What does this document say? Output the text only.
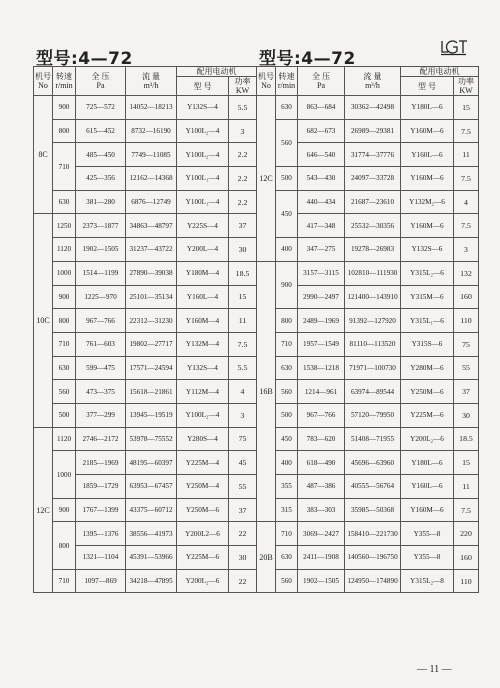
型号:4—72	型号:4—72
机号
No	转速
r/min	全 压
Pa	流 量
m³/h	配用电动机	
				型 号	功率
KW
8C	900	725—572	14052—18213	Y132S—4	5.5
	800	615—452	8732—16190	Y100L₂—4	3
	710	485—450	7749—11085	Y100L₂—4	2.2
		425—356	12162—14368	Y100L₁—4	2.2
	630	381—280	6876—12749	Y100L₁—4	2.2
10C	1250	2373—1877	34863—48797	Y225S—4	37
	1120	1902—1505	31237—43722	Y200L—4	30
	1000	1514—1199	27890—39038	Y180M—4	18.5
	900	1225—970	25101—35134	Y160L—4	15
	800	967—766	22312—31230	Y160M—4	11
	710	761—603	19802—27717	Y132M—4	7.5
	630	599—475	17571—24594	Y132S—4	5.5
	560	473—375	15618—21861	Y112M—4	4
	500	377—299	13945—19519	Y100L₂—4	3
12C	1120	2746—2172	53978—75552	Y280S—4	75
	1000	2185—1969	48195—60397	Y225M—4	45
		1859—1729	63953—67457	Y250M—4	55
	900	1767—1399	43375—60712	Y250M—6	37
	800	1395—1376	38556—41973	Y200L2—6	22
		1321—1104	45391—53966	Y225M—6	30
	710	1097—869	34218—47895	Y200L₂—6	22
机号
No	转速
r/min	全 压
Pa	流 量
m³/h	配用电动机	
				型 号	功率
KW
12C	630	863—684	30362—42498	Y180L—6	15
	560	682—673	26989—29381	Y160M—6	7.5
		646—540	31774—37776	Y160L—6	11
	500	543—430	24097—33728	Y160M—6	7.5
	450	440—434	21687—23610	Y132M₂—6	4
		417—348	25532—30356	Y160M—6	7.5
	400	347—275	19278—26983	Y132S—6	3
16B	900	3157—3115	102810—111930	Y315L₂—6	132
		2990—2497	121400—143910	Y315M—6	160
	800	2489—1969	91392—127920	Y315L₁—6	110
	710	1957—1549	81110—113520	Y315S—6	75
	630	1538—1218	71971—100730	Y280M—6	55
	560	1214—961	63974—89544	Y250M—6	37
	500	967—766	57120—79950	Y225M—6	30
	450	783—620	51408—71955	Y200L₂—6	18.5
	400	618—490	45696—63960	Y180L—6	15
	355	487—386	40555—56764	Y160L—6	11
	315	383—303	35985—50368	Y160M—6	7.5
20B	710	3069—2427	158410—221730	Y355—8	220
	630	2411—1908	140560—196750	Y355—8	160
	560	1902—1505	124950—174890	Y315L₂—8	110
— 11 —
